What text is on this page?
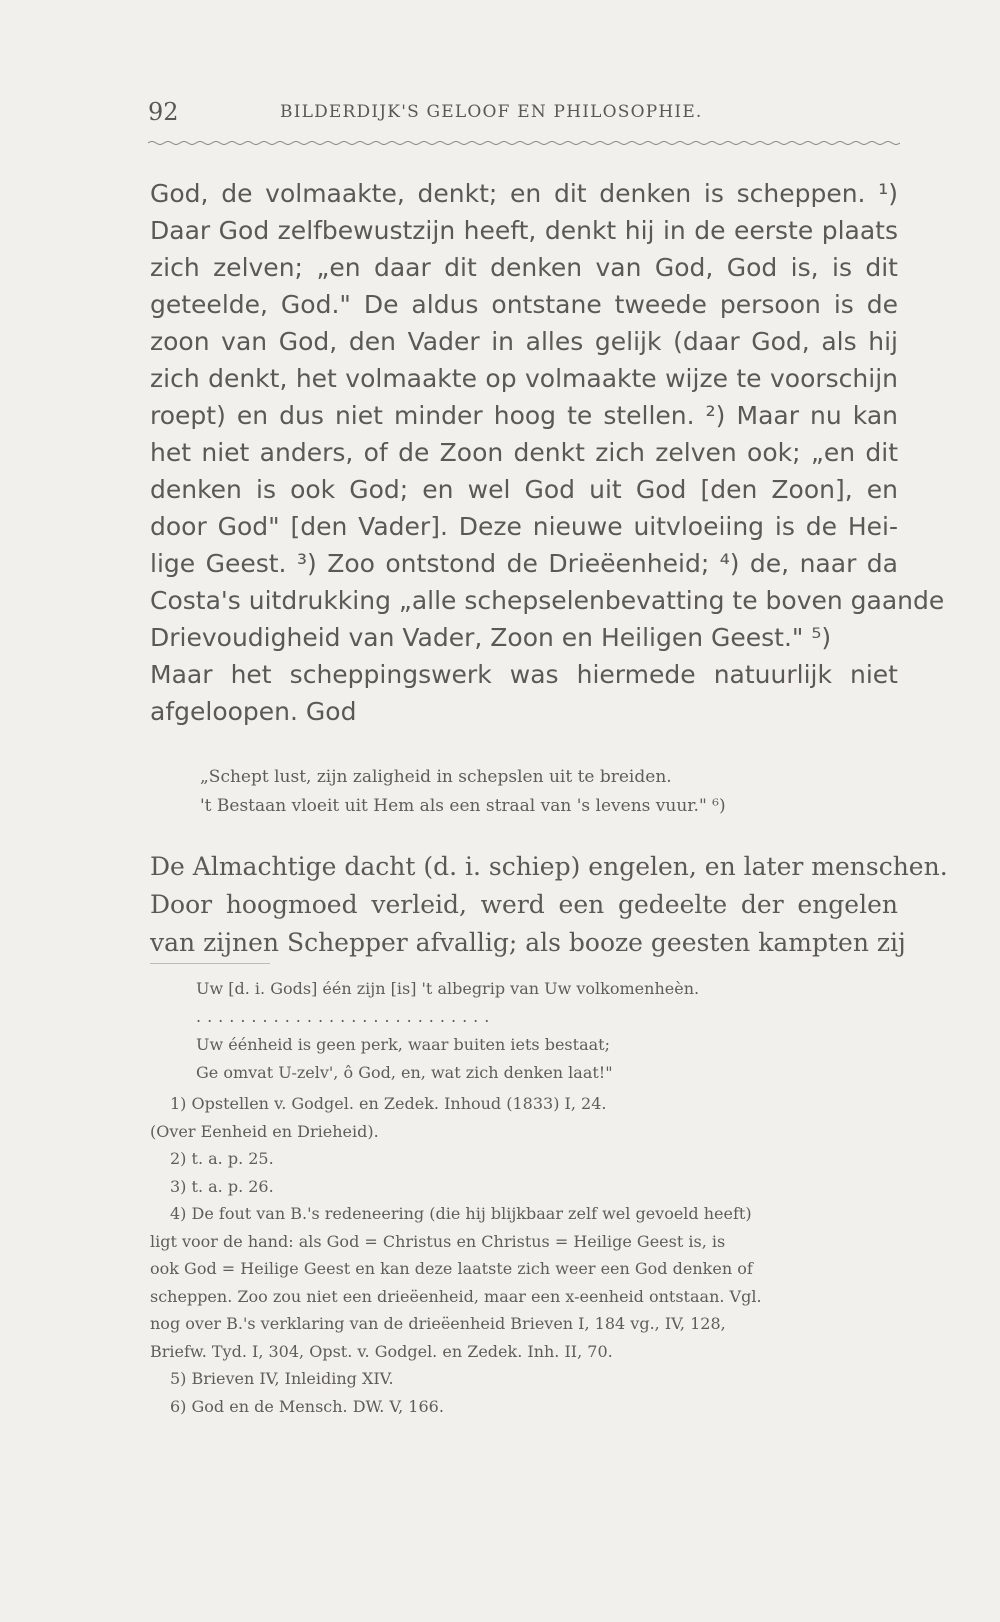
92	BILDERDIJK'S GELOOF EN PHILOSOPHIE.
God, de volmaakte, denkt; en dit denken is scheppen. ¹)
Daar God zelfbewustzijn heeft, denkt hij in de eerste plaats
zich zelven; „en daar dit denken van God, God is, is dit
geteelde, God." De aldus ontstane tweede persoon is de
zoon van God, den Vader in alles gelijk (daar God, als hij
zich denkt, het volmaakte op volmaakte wijze te voorschijn
roept) en dus niet minder hoog te stellen. ²) Maar nu kan
het niet anders, of de Zoon denkt zich zelven ook; „en dit
denken is ook God; en wel God uit God [den Zoon], en
door God" [den Vader]. Deze nieuwe uitvloeiing is de Hei-
lige Geest. ³) Zoo ontstond de Drieëenheid; ⁴) de, naar da
Costa's uitdrukking „alle schepselenbevatting te boven gaande
Drievoudigheid van Vader, Zoon en Heiligen Geest." ⁵)
Maar het scheppingswerk was hiermede natuurlijk niet
afgeloopen. God
„Schept lust, zijn zaligheid in schepslen uit te breiden.
't Bestaan vloeit uit Hem als een straal van 's levens vuur." ⁶)
De Almachtige dacht (d. i. schiep) engelen, en later menschen.
Door hoogmoed verleid, werd een gedeelte der engelen
van zijnen Schepper afvallig; als booze geesten kampten zij
Uw [d. i. Gods] één zijn [is] 't albegrip van Uw volkomenheèn.
...........................
Uw éénheid is geen perk, waar buiten iets bestaat;
Ge omvat U-zelv', ô God, en, wat zich denken laat!"
1) Opstellen v. Godgel. en Zedek. Inhoud (1833) I, 24.
(Over Eenheid en Drieheid).
2) t. a. p. 25.
3) t. a. p. 26.
4) De fout van B.'s redeneering (die hij blijkbaar zelf wel gevoeld heeft)
ligt voor de hand: als God = Christus en Christus = Heilige Geest is, is
ook God = Heilige Geest en kan deze laatste zich weer een God denken of
scheppen. Zoo zou niet een drieëenheid, maar een x-eenheid ontstaan. Vgl.
nog over B.'s verklaring van de drieëenheid Brieven I, 184 vg., IV, 128,
Briefw. Tyd. I, 304, Opst. v. Godgel. en Zedek. Inh. II, 70.
5) Brieven IV, Inleiding XIV.
6) God en de Mensch. DW. V, 166.
